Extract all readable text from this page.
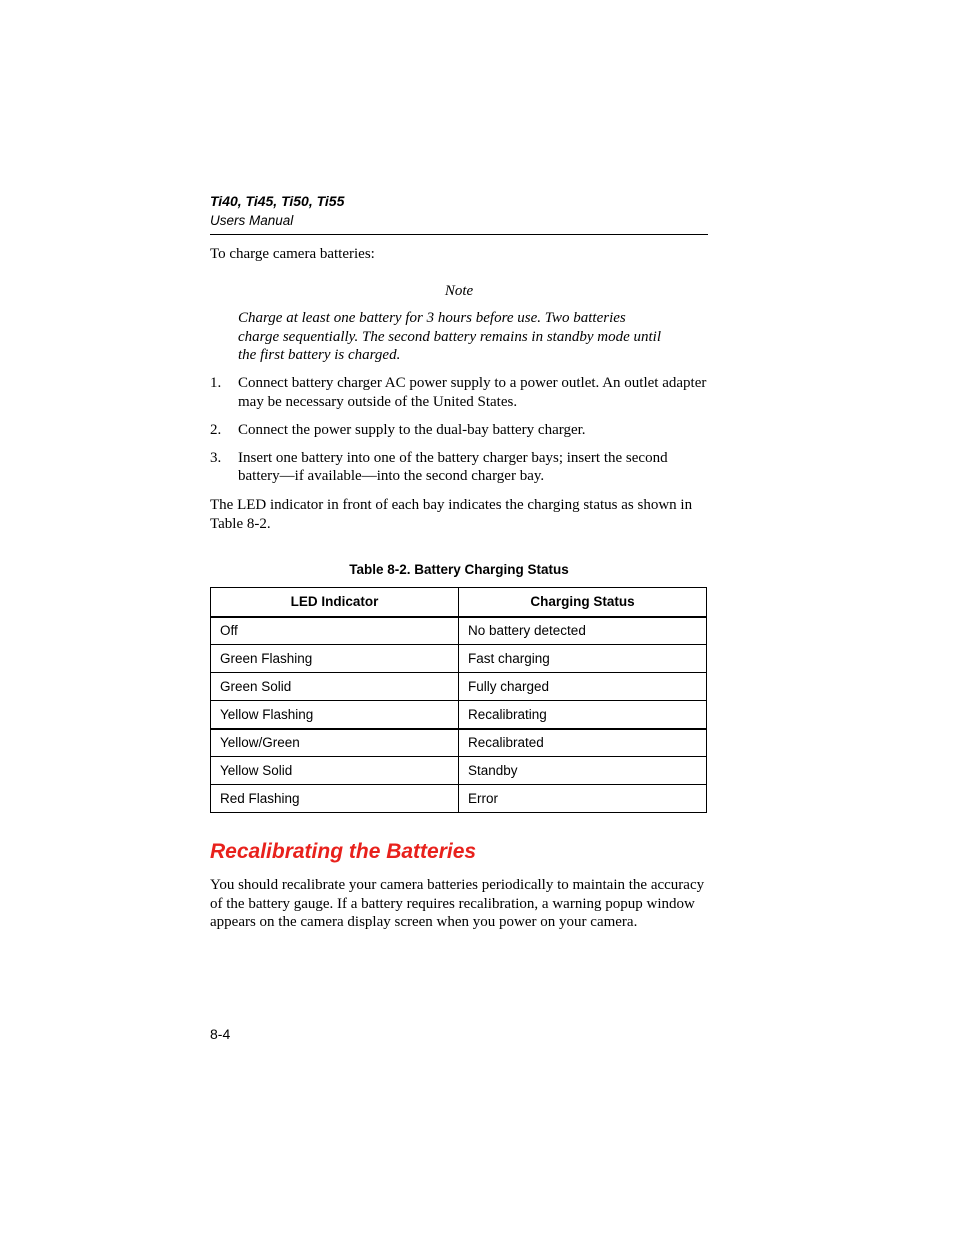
Ti40, Ti45, Ti50, Ti55
Users Manual
To charge camera batteries:
Note
Charge at least one battery for 3 hours before use. Two batteries charge sequentially. The second battery remains in standby mode until the first battery is charged.
1. Connect battery charger AC power supply to a power outlet. An outlet adapter may be necessary outside of the United States.
2. Connect the power supply to the dual-bay battery charger.
3. Insert one battery into one of the battery charger bays; insert the second battery—if available—into the second charger bay.
The LED indicator in front of each bay indicates the charging status as shown in Table 8-2.
Table 8-2. Battery Charging Status
LED Indicator	Charging Status
Off	No battery detected
Green Flashing	Fast charging
Green Solid	Fully charged
Yellow Flashing	Recalibrating
Yellow/Green	Recalibrated
Yellow Solid	Standby
Red Flashing	Error
Recalibrating the Batteries
You should recalibrate your camera batteries periodically to maintain the accuracy of the battery gauge. If a battery requires recalibration, a warning popup window appears on the camera display screen when you power on your camera.
8-4
